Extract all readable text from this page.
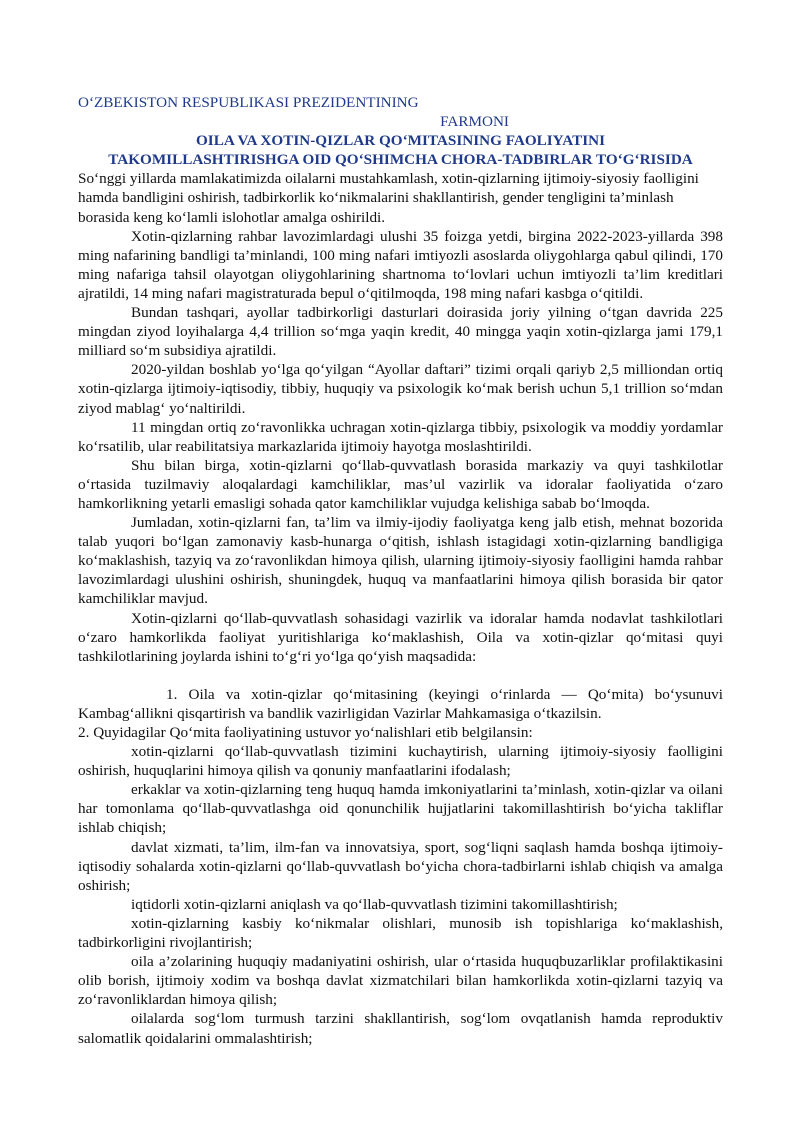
O‘ZBEKISTON RESPUBLIKASI PREZIDENTINING
FARMONI
OILA VA XOTIN-QIZLAR QO‘MITASINING FAOLIYATINI
TAKOMILLASHTIRISHGA OID QO‘SHIMCHA CHORA-TADBIRLAR TO‘G‘RISIDA

So‘nggi yillarda mamlakatimizda oilalarni mustahkamlash, xotin-qizlarning ijtimoiy-siyosiy faolligini hamda bandligini oshirish, tadbirkorlik ko‘nikmalarini shakllantirish, gender tengligini ta’minlash borasida keng ko‘lamli islohotlar amalga oshirildi.

Xotin-qizlarning rahbar lavozimlardagi ulushi 35 foizga yetdi, birgina 2022-2023-yillarda 398 ming nafarining bandligi ta’minlandi, 100 ming nafari imtiyozli asoslarda oliygohlarga qabul qilindi, 170 ming nafariga tahsil olayotgan oliygohlarining shartnoma to‘lovlari uchun imtiyozli ta’lim kreditlari ajratildi, 14 ming nafari magistraturada bepul o‘qitilmoqda, 198 ming nafari kasbga o‘qitildi.

Bundan tashqari, ayollar tadbirkorligi dasturlari doirasida joriy yilning o‘tgan davrida 225 mingdan ziyod loyihalarga 4,4 trillion so‘mga yaqin kredit, 40 mingga yaqin xotin-qizlarga jami 179,1 milliard so‘m subsidiya ajratildi.

2020-yildan boshlab yo‘lga qo‘yilgan “Ayollar daftari” tizimi orqali qariyb 2,5 milliondan ortiq xotin-qizlarga ijtimoiy-iqtisodiy, tibbiy, huquqiy va psixologik ko‘mak berish uchun 5,1 trillion so‘mdan ziyod mablag‘ yo‘naltirildi.

11 mingdan ortiq zo‘ravonlikka uchragan xotin-qizlarga tibbiy, psixologik va moddiy yordamlar ko‘rsatilib, ular reabilitatsiya markazlarida ijtimoiy hayotga moslashtirildi.

Shu bilan birga, xotin-qizlarni qo‘llab-quvvatlash borasida markaziy va quyi tashkilotlar o‘rtasida tuzilmaviy aloqalardagi kamchiliklar, mas’ul vazirlik va idoralar faoliyatida o‘zaro hamkorlikning yetarli emasligi sohada qator kamchiliklar vujudga kelishiga sabab bo‘lmoqda.

Jumladan, xotin-qizlarni fan, ta’lim va ilmiy-ijodiy faoliyatga keng jalb etish, mehnat bozorida talab yuqori bo‘lgan zamonaviy kasb-hunarga o‘qitish, ishlash istagidagi xotin-qizlarning bandligiga ko‘maklashish, tazyiq va zo‘ravonlikdan himoya qilish, ularning ijtimoiy-siyosiy faolligini hamda rahbar lavozimlardagi ulushini oshirish, shuningdek, huquq va manfaatlarini himoya qilish borasida bir qator kamchiliklar mavjud.

Xotin-qizlarni qo‘llab-quvvatlash sohasidagi vazirlik va idoralar hamda nodavlat tashkilotlari o‘zaro hamkorlikda faoliyat yuritishlariga ko‘maklashish, Oila va xotin-qizlar qo‘mitasi quyi tashkilotlarining joylarda ishini to‘g‘ri yo‘lga qo‘yish maqsadida:

1. Oila va xotin-qizlar qo‘mitasining (keyingi o‘rinlarda — Qo‘mita) bo‘ysunuvi Kambag‘allikni qisqartirish va bandlik vazirligidan Vazirlar Mahkamasiga o‘tkazilsin.

2. Quyidagilar Qo‘mita faoliyatining ustuvor yo‘nalishlari etib belgilansin:

xotin-qizlarni qo‘llab-quvvatlash tizimini kuchaytirish, ularning ijtimoiy-siyosiy faolligini oshirish, huquqlarini himoya qilish va qonuniy manfaatlarini ifodalash;

erkaklar va xotin-qizlarning teng huquq hamda imkoniyatlarini ta’minlash, xotin-qizlar va oilani har tomonlama qo‘llab-quvvatlashga oid qonunchilik hujjatlarini takomillashtirish bo‘yicha takliflar ishlab chiqish;

davlat xizmati, ta’lim, ilm-fan va innovatsiya, sport, sog‘liqni saqlash hamda boshqa ijtimoiy-iqtisodiy sohalarda xotin-qizlarni qo‘llab-quvvatlash bo‘yicha chora-tadbirlarni ishlab chiqish va amalga oshirish;

iqtidorli xotin-qizlarni aniqlash va qo‘llab-quvvatlash tizimini takomillashtirish;

xotin-qizlarning kasbiy ko‘nikmalar olishlari, munosib ish topishlariga ko‘maklashish, tadbirkorligini rivojlantirish;

oila a’zolarining huquqiy madaniyatini oshirish, ular o‘rtasida huquqbuzarliklar profilaktikasini olib borish, ijtimoiy xodim va boshqa davlat xizmatchilari bilan hamkorlikda xotin-qizlarni tazyiq va zo‘ravonliklardan himoya qilish;

oilalarda sog‘lom turmush tarzini shakllantirish, sog‘lom ovqatlanish hamda reproduktiv salomatlik qoidalarini ommalashtirish;
